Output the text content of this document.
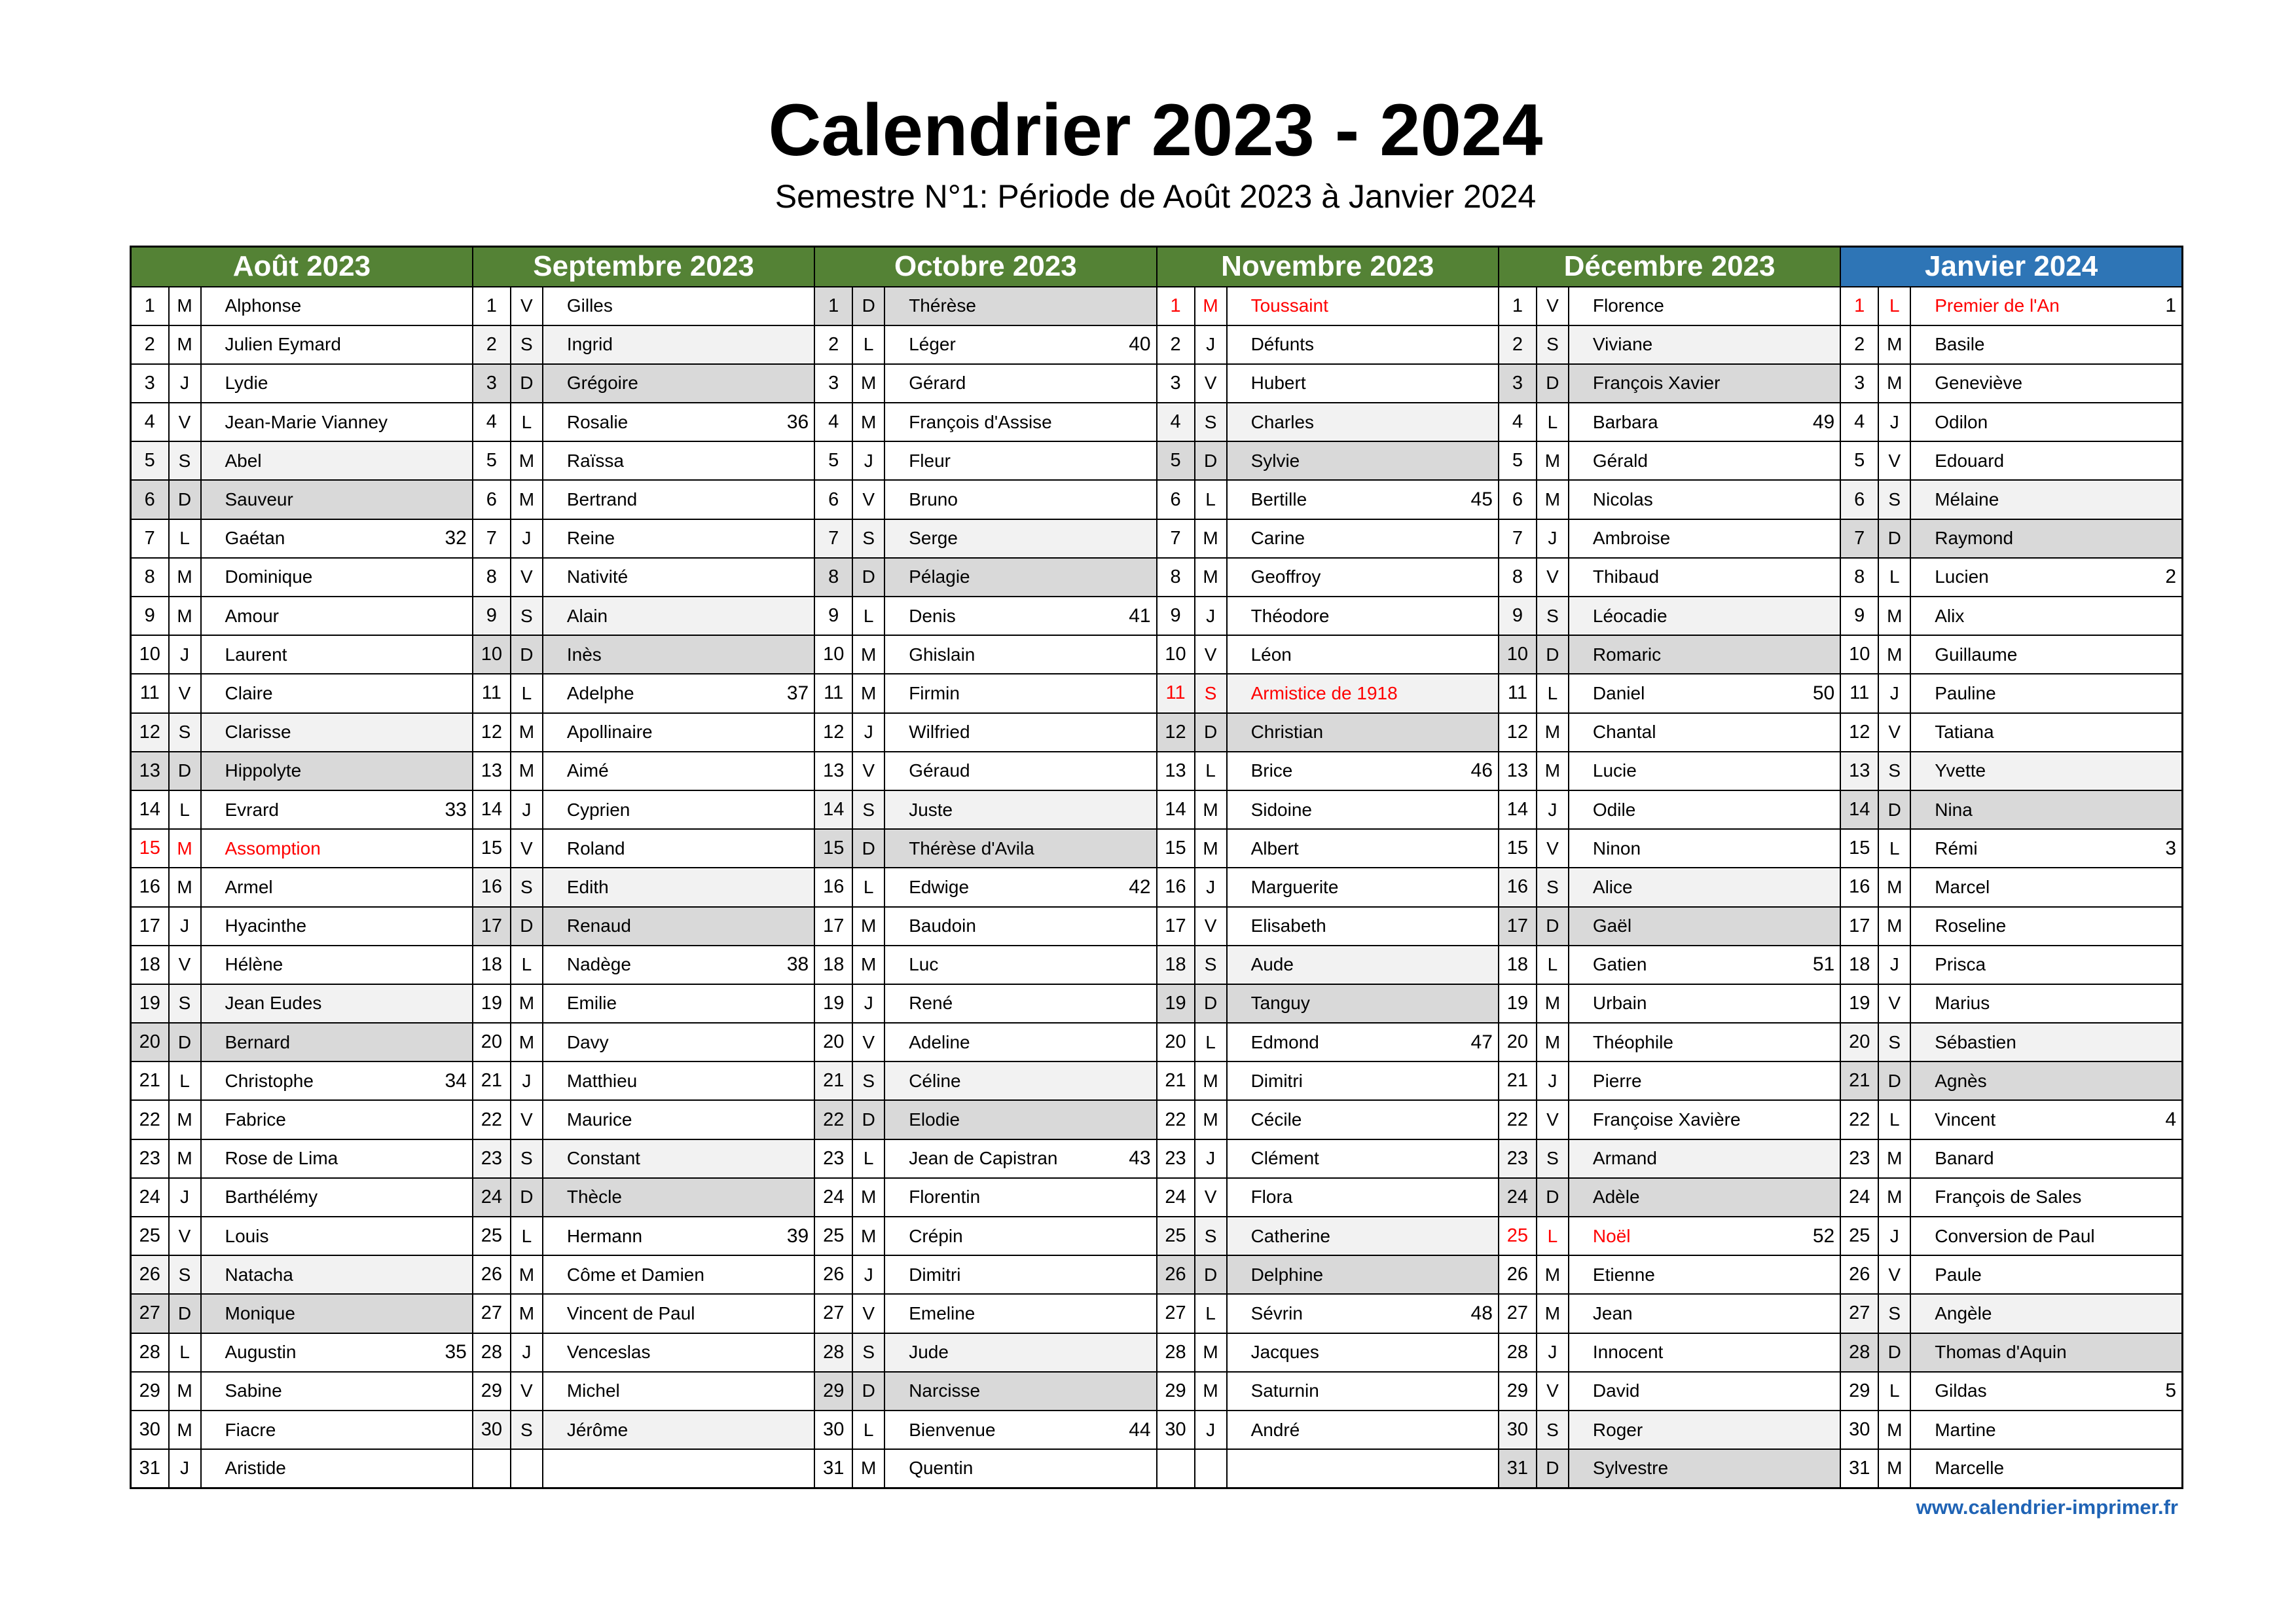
Calendrier 2023 - 2024
Semestre N°1: Période de Août 2023 à Janvier 2024
Août 2023			Septembre 2023			Octobre 2023			Novembre 2023			Décembre 2023			Janvier 2024		
1	M	Alphonse	1	V	Gilles	1	D	Thérèse	1	M	Toussaint	1	V	Florence	1	L	Premier de l'An 1

2	M	Julien Eymard	2	S	Ingrid	2	L	Léger 40	2	J	Défunts	2	S	Viviane	2	M	Basile

3	J	Lydie	3	D	Grégoire	3	M	Gérard	3	V	Hubert	3	D	François Xavier	3	M	Geneviève

4	V	Jean-Marie Vianney	4	L	Rosalie 36	4	M	François d'Assise	4	S	Charles	4	L	Barbara 49	4	J	Odilon

5	S	Abel	5	M	Raïssa	5	J	Fleur	5	D	Sylvie	5	M	Gérald	5	V	Edouard

6	D	Sauveur	6	M	Bertrand	6	V	Bruno	6	L	Bertille 45	6	M	Nicolas	6	S	Mélaine

7	L	Gaétan 32	7	J	Reine	7	S	Serge	7	M	Carine	7	J	Ambroise	7	D	Raymond

8	M	Dominique	8	V	Nativité	8	D	Pélagie	8	M	Geoffroy	8	V	Thibaud	8	L	Lucien 2

9	M	Amour	9	S	Alain	9	L	Denis 41	9	J	Théodore	9	S	Léocadie	9	M	Alix

10	J	Laurent	10	D	Inès	10	M	Ghislain	10	V	Léon	10	D	Romaric	10	M	Guillaume

11	V	Claire	11	L	Adelphe 37	11	M	Firmin	11	S	Armistice de 1918	11	L	Daniel 50	11	J	Pauline

12	S	Clarisse	12	M	Apollinaire	12	J	Wilfried	12	D	Christian	12	M	Chantal	12	V	Tatiana

13	D	Hippolyte	13	M	Aimé	13	V	Géraud	13	L	Brice 46	13	M	Lucie	13	S	Yvette

14	L	Evrard 33	14	J	Cyprien	14	S	Juste	14	M	Sidoine	14	J	Odile	14	D	Nina

15	M	Assomption	15	V	Roland	15	D	Thérèse d'Avila	15	M	Albert	15	V	Ninon	15	L	Rémi 3

16	M	Armel	16	S	Edith	16	L	Edwige 42	16	J	Marguerite	16	S	Alice	16	M	Marcel

17	J	Hyacinthe	17	D	Renaud	17	M	Baudoin	17	V	Elisabeth	17	D	Gaël	17	M	Roseline

18	V	Hélène	18	L	Nadège 38	18	M	Luc	18	S	Aude	18	L	Gatien 51	18	J	Prisca

19	S	Jean Eudes	19	M	Emilie	19	J	René	19	D	Tanguy	19	M	Urbain	19	V	Marius

20	D	Bernard	20	M	Davy	20	V	Adeline	20	L	Edmond 47	20	M	Théophile	20	S	Sébastien

21	L	Christophe 34	21	J	Matthieu	21	S	Céline	21	M	Dimitri	21	J	Pierre	21	D	Agnès

22	M	Fabrice	22	V	Maurice	22	D	Elodie	22	M	Cécile	22	V	Françoise Xavière	22	L	Vincent 4

23	M	Rose de Lima	23	S	Constant	23	L	Jean de Capistran 43	23	J	Clément	23	S	Armand	23	M	Banard

24	J	Barthélémy	24	D	Thècle	24	M	Florentin	24	V	Flora	24	D	Adèle	24	M	François de Sales

25	V	Louis	25	L	Hermann 39	25	M	Crépin	25	S	Catherine	25	L	Noël 52	25	J	Conversion de Paul

26	S	Natacha	26	M	Côme et Damien	26	J	Dimitri	26	D	Delphine	26	M	Etienne	26	V	Paule

27	D	Monique	27	M	Vincent de Paul	27	V	Emeline	27	L	Sévrin 48	27	M	Jean	27	S	Angèle

28	L	Augustin 35	28	J	Venceslas	28	S	Jude	28	M	Jacques	28	J	Innocent	28	D	Thomas d'Aquin

29	M	Sabine	29	V	Michel	29	D	Narcisse	29	M	Saturnin	29	V	David	29	L	Gildas 5

30	M	Fiacre	30	S	Jérôme	30	L	Bienvenue 44	30	J	André	30	S	Roger	30	M	Martine

31	J	Aristide				31	M	Quentin				31	D	Sylvestre	31	M	Marcelle
www.calendrier-imprimer.fr
